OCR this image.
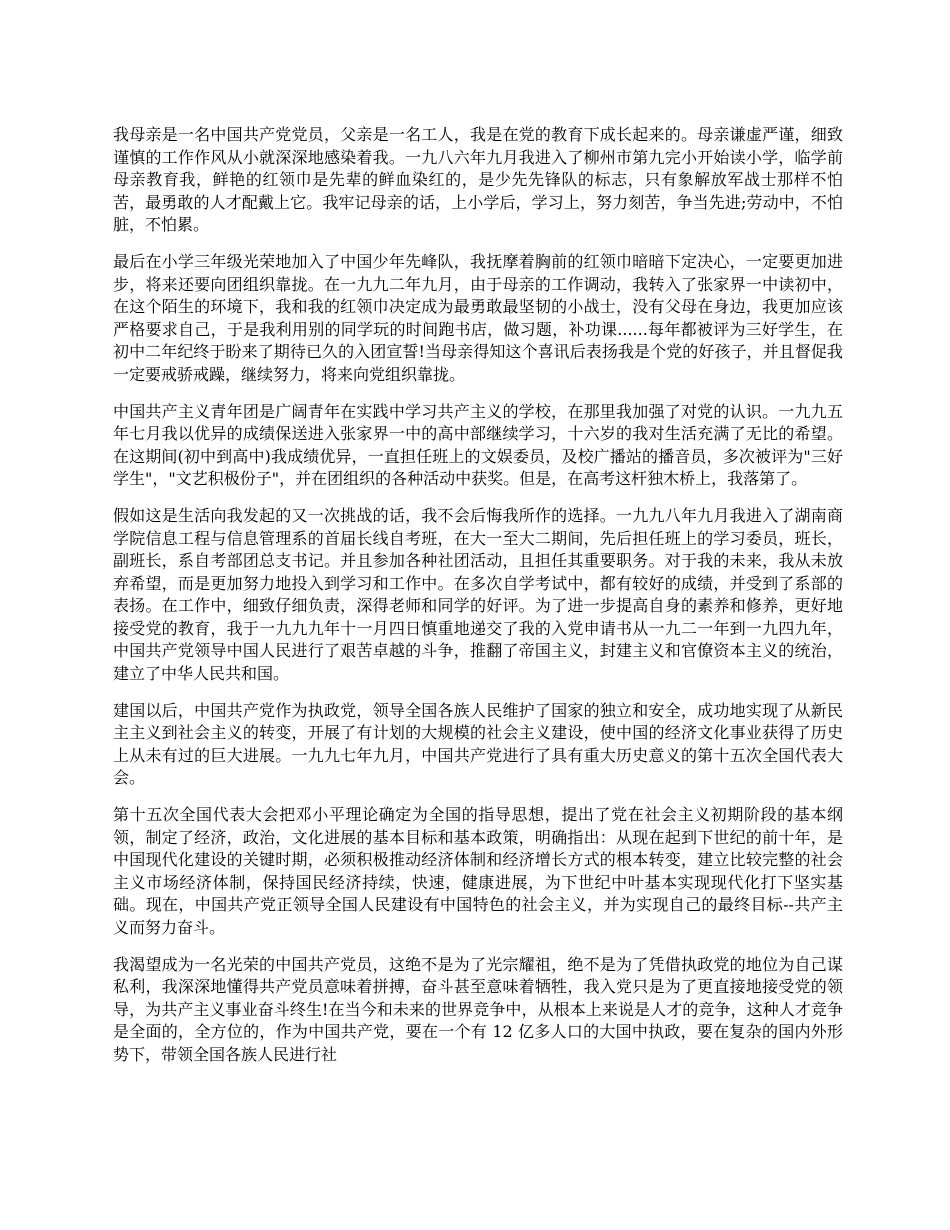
我母亲是一名中国共产党党员，父亲是一名工人，我是在党的教育下成长起来的。母亲谦虚严谨，细致谨慎的工作作风从小就深深地感染着我。一九八六年九月我进入了柳州市第九完小开始读小学，临学前母亲教育我，鲜艳的红领巾是先辈的鲜血染红的，是少先先锋队的标志，只有象解放军战士那样不怕苦，最勇敢的人才配戴上它。我牢记母亲的话，上小学后，学习上，努力刻苦，争当先进;劳动中，不怕脏，不怕累。

最后在小学三年级光荣地加入了中国少年先峰队，我抚摩着胸前的红领巾暗暗下定决心，一定要更加进步，将来还要向团组织靠拢。在一九九二年九月，由于母亲的工作调动，我转入了张家界一中读初中，在这个陌生的环境下，我和我的红领巾决定成为最勇敢最坚韧的小战士，没有父母在身边，我更加应该严格要求自己，于是我利用别的同学玩的时间跑书店，做习题，补功课......每年都被评为三好学生，在初中二年纪终于盼来了期待已久的入团宣誓!当母亲得知这个喜讯后表扬我是个党的好孩子，并且督促我一定要戒骄戒躁，继续努力，将来向党组织靠拢。

中国共产主义青年团是广阔青年在实践中学习共产主义的学校，在那里我加强了对党的认识。一九九五年七月我以优异的成绩保送进入张家界一中的高中部继续学习，十六岁的我对生活充满了无比的希望。在这期间(初中到高中)我成绩优异，一直担任班上的文娱委员，及校广播站的播音员，多次被评为"三好学生"，"文艺积极份子"，并在团组织的各种活动中获奖。但是，在高考这杆独木桥上，我落第了。

假如这是生活向我发起的又一次挑战的话，我不会后悔我所作的选择。一九九八年九月我进入了湖南商学院信息工程与信息管理系的首届长线自考班，在大一至大二期间，先后担任班上的学习委员，班长，副班长，系自考部团总支书记。并且参加各种社团活动，且担任其重要职务。对于我的未来，我从未放弃希望，而是更加努力地投入到学习和工作中。在多次自学考试中，都有较好的成绩，并受到了系部的表扬。在工作中，细致仔细负责，深得老师和同学的好评。为了进一步提高自身的素养和修养，更好地接受党的教育，我于一九九九年十一月四日慎重地递交了我的入党申请书从一九二一年到一九四九年，中国共产党领导中国人民进行了艰苦卓越的斗争，推翻了帝国主义，封建主义和官僚资本主义的统治，建立了中华人民共和国。

建国以后，中国共产党作为执政党，领导全国各族人民维护了国家的独立和安全，成功地实现了从新民主主义到社会主义的转变，开展了有计划的大规模的社会主义建设，使中国的经济文化事业获得了历史上从未有过的巨大进展。一九九七年九月，中国共产党进行了具有重大历史意义的第十五次全国代表大会。

第十五次全国代表大会把邓小平理论确定为全国的指导思想，提出了党在社会主义初期阶段的基本纲领，制定了经济，政治，文化进展的基本目标和基本政策，明确指出：从现在起到下世纪的前十年，是中国现代化建设的关键时期，必须积极推动经济体制和经济增长方式的根本转变，建立比较完整的社会主义市场经济体制，保持国民经济持续，快速，健康进展，为下世纪中叶基本实现现代化打下坚实基础。现在，中国共产党正领导全国人民建设有中国特色的社会主义，并为实现自己的最终目标--共产主义而努力奋斗。

我渴望成为一名光荣的中国共产党员，这绝不是为了光宗耀祖，绝不是为了凭借执政党的地位为自己谋私利，我深深地懂得共产党员意味着拼搏，奋斗甚至意味着牺牲，我入党只是为了更直接地接受党的领导，为共产主义事业奋斗终生!在当今和未来的世界竞争中，从根本上来说是人才的竞争，这种人才竞争是全面的，全方位的，作为中国共产党，要在一个有 12 亿多人口的大国中执政，要在复杂的国内外形势下，带领全国各族人民进行社
